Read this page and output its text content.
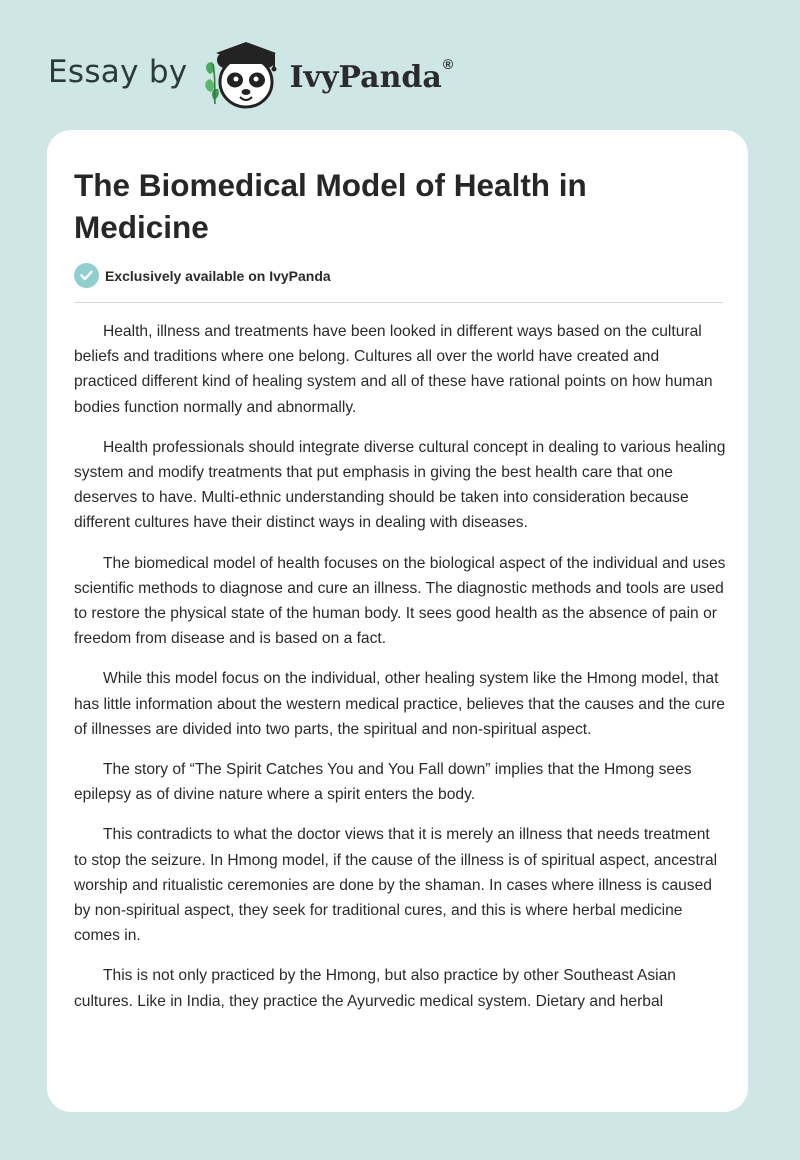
Essay by	IvyPanda®
The Biomedical Model of Health in Medicine
Exclusively available on IvyPanda

Health, illness and treatments have been looked in different ways based on the cultural beliefs and traditions where one belong. Cultures all over the world have created and practiced different kind of healing system and all of these have rational points on how human bodies function normally and abnormally.

Health professionals should integrate diverse cultural concept in dealing to various healing system and modify treatments that put emphasis in giving the best health care that one deserves to have. Multi-ethnic understanding should be taken into consideration because different cultures have their distinct ways in dealing with diseases.

The biomedical model of health focuses on the biological aspect of the individual and uses scientific methods to diagnose and cure an illness. The diagnostic methods and tools are used to restore the physical state of the human body. It sees good health as the absence of pain or freedom from disease and is based on a fact.

While this model focus on the individual, other healing system like the Hmong model, that has little information about the western medical practice, believes that the causes and the cure of illnesses are divided into two parts, the spiritual and non-spiritual aspect.

The story of “The Spirit Catches You and You Fall down” implies that the Hmong sees epilepsy as of divine nature where a spirit enters the body.

This contradicts to what the doctor views that it is merely an illness that needs treatment to stop the seizure. In Hmong model, if the cause of the illness is of spiritual aspect, ancestral worship and ritualistic ceremonies are done by the shaman. In cases where illness is caused by non-spiritual aspect, they seek for traditional cures, and this is where herbal medicine comes in.

This is not only practiced by the Hmong, but also practice by other Southeast Asian cultures. Like in India, they practice the Ayurvedic medical system. Dietary and herbal
